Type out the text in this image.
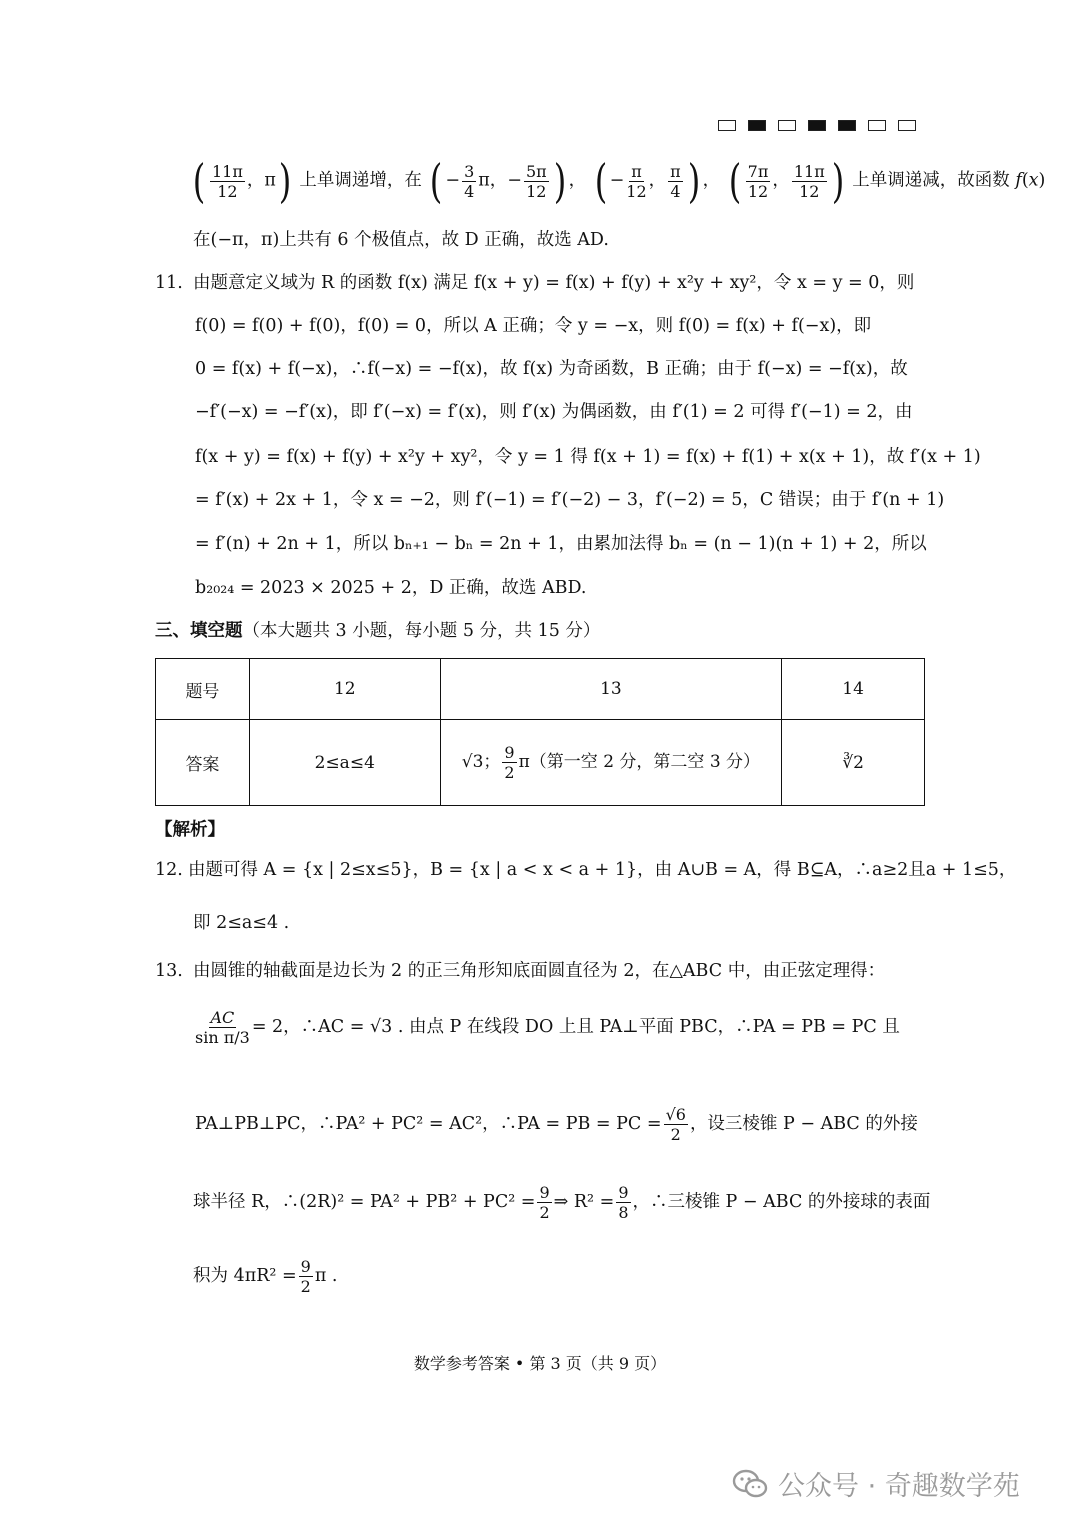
( $\frac{11\pi}{12}$ ，π) 上单调递增，在 ( − $\frac{3}{4}$ π，− $\frac{5\pi}{12}$ ) ， ( − $\frac{\pi}{12}$ ， $\frac{\pi}{4}$ ) ， ( $\frac{7\pi}{12}$ ， $\frac{11\pi}{12}$ ) 上单调递减，故函数 f(x)
在(−π，π)上共有 6 个极值点，故 D 正确，故选 AD.
11. 由题意定义域为 R 的函数 f(x) 满足 f(x + y) = f(x) + f(y) + x²y + xy²，令 x = y = 0，则
f(0) = f(0) + f(0)，f(0) = 0，所以 A 正确；令 y = −x，则 f(0) = f(x) + f(−x)，即
0 = f(x) + f(−x)，∴f(−x) = −f(x)，故 f(x) 为奇函数，B 正确；由于 f(−x) = −f(x)，故
−f′(−x) = −f′(x)，即 f′(−x) = f′(x)，则 f′(x) 为偶函数，由 f′(1) = 2 可得 f′(−1) = 2，由
f(x + y) = f(x) + f(y) + x²y + xy²，令 y = 1 得 f(x + 1) = f(x) + f(1) + x(x + 1)，故 f′(x + 1)
= f′(x) + 2x + 1，令 x = −2，则 f′(−1) = f′(−2) − 3，f′(−2) = 5，C 错误；由于 f′(n + 1)
= f′(n) + 2n + 1，所以 bₙ₊₁ − bₙ = 2n + 1，由累加法得 bₙ = (n − 1)(n + 1) + 2，所以
b₂₀₂₄ = 2023 × 2025 + 2，D 正确，故选 ABD.
三、填空题（本大题共 3 小题，每小题 5 分，共 15 分）
题号	12	13	14
答案	2≤a≤4	√3； $\frac{9}{2} \pi$（第一空 2 分，第二空 3 分）	∛2
【解析】
12. 由题可得 A = {x | 2≤x≤5}，B = {x | a < x < a + 1}，由 A∪B = A，得 B⊆A，∴a≥2且a + 1≤5，
即 2≤a≤4 .
13. 由圆锥的轴截面是边长为 2 的正三角形知底面圆直径为 2，在△ABC 中，由正弦定理得：
$\frac{AC}{\text{sin π/3}} = 2$，∴AC = √3 . 由点 P 在线段 DO 上且 PA⊥平面 PBC，∴PA = PB = PC 且
PA⊥PB⊥PC，∴PA² + PC² = AC²，∴PA = PB = PC = $\frac{√6}{2}$ ，设三棱锥 P − ABC 的外接
球半径 R，∴(2R)² = $PA^2 + PB^2 + PC^2 = \frac{9}{2}$ ⇒ $R^2 = \frac{9}{8}$ ，∴三棱锥 P − ABC 的外接球的表面
积为 $4\pi R^2 = \frac{9}{2}$ π .
数学参考答案 • 第 3 页（共 9 页）
公众号 · 奇趣数学苑
